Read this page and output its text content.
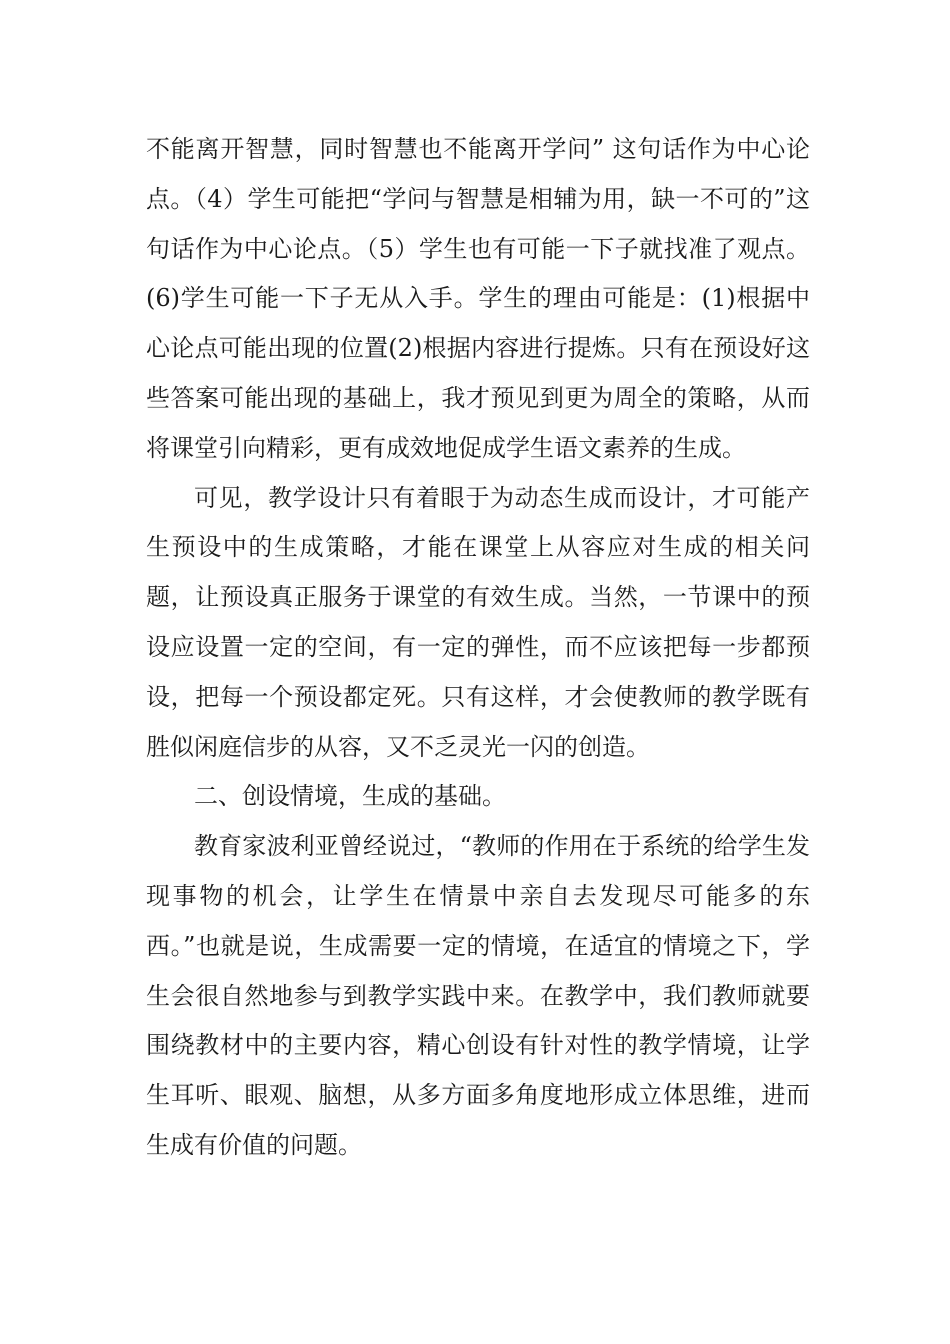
不能离开智慧，同时智慧也不能离开学问” 这句话作为中心论点。（4）学生可能把“学问与智慧是相辅为用，缺一不可的”这句话作为中心论点。（5）学生也有可能一下子就找准了观点。(6)学生可能一下子无从入手。学生的理由可能是：(1)根据中心论点可能出现的位置(2)根据内容进行提炼。只有在预设好这些答案可能出现的基础上，我才预见到更为周全的策略，从而将课堂引向精彩，更有成效地促成学生语文素养的生成。

可见，教学设计只有着眼于为动态生成而设计，才可能产生预设中的生成策略，才能在课堂上从容应对生成的相关问题，让预设真正服务于课堂的有效生成。当然，一节课中的预设应设置一定的空间，有一定的弹性，而不应该把每一步都预设，把每一个预设都定死。只有这样，才会使教师的教学既有胜似闲庭信步的从容，又不乏灵光一闪的创造。

二、创设情境，生成的基础。

教育家波利亚曾经说过，“教师的作用在于系统的给学生发现事物的机会，让学生在情景中亲自去发现尽可能多的东西。”也就是说，生成需要一定的情境，在适宜的情境之下，学生会很自然地参与到教学实践中来。在教学中，我们教师就要围绕教材中的主要内容，精心创设有针对性的教学情境，让学生耳听、眼观、脑想，从多方面多角度地形成立体思维，进而生成有价值的问题。
